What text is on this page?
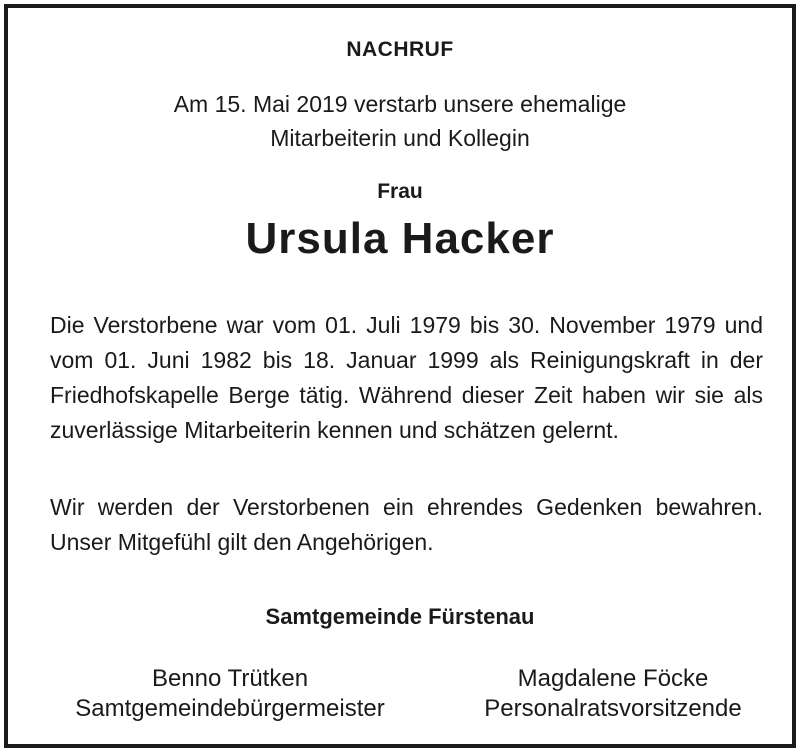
NACHRUF
Am 15. Mai 2019 verstarb unsere ehemalige
Mitarbeiterin und Kollegin
Frau
Ursula Hacker

Die Verstorbene war vom 01. Juli 1979 bis 30. November 1979 und vom 01. Juni 1982 bis 18. Januar 1999 als Reinigungskraft in der Friedhofskapelle Berge tätig. Während dieser Zeit haben wir sie als zuverlässige Mitarbeiterin kennen und schätzen gelernt.

Wir werden der Verstorbenen ein ehrendes Gedenken bewahren. Unser Mitgefühl gilt den Angehörigen.

Samtgemeinde Fürstenau
Benno Trütken
Samtgemeindebürgermeister
Magdalene Föcke
Personalratsvorsitzende
